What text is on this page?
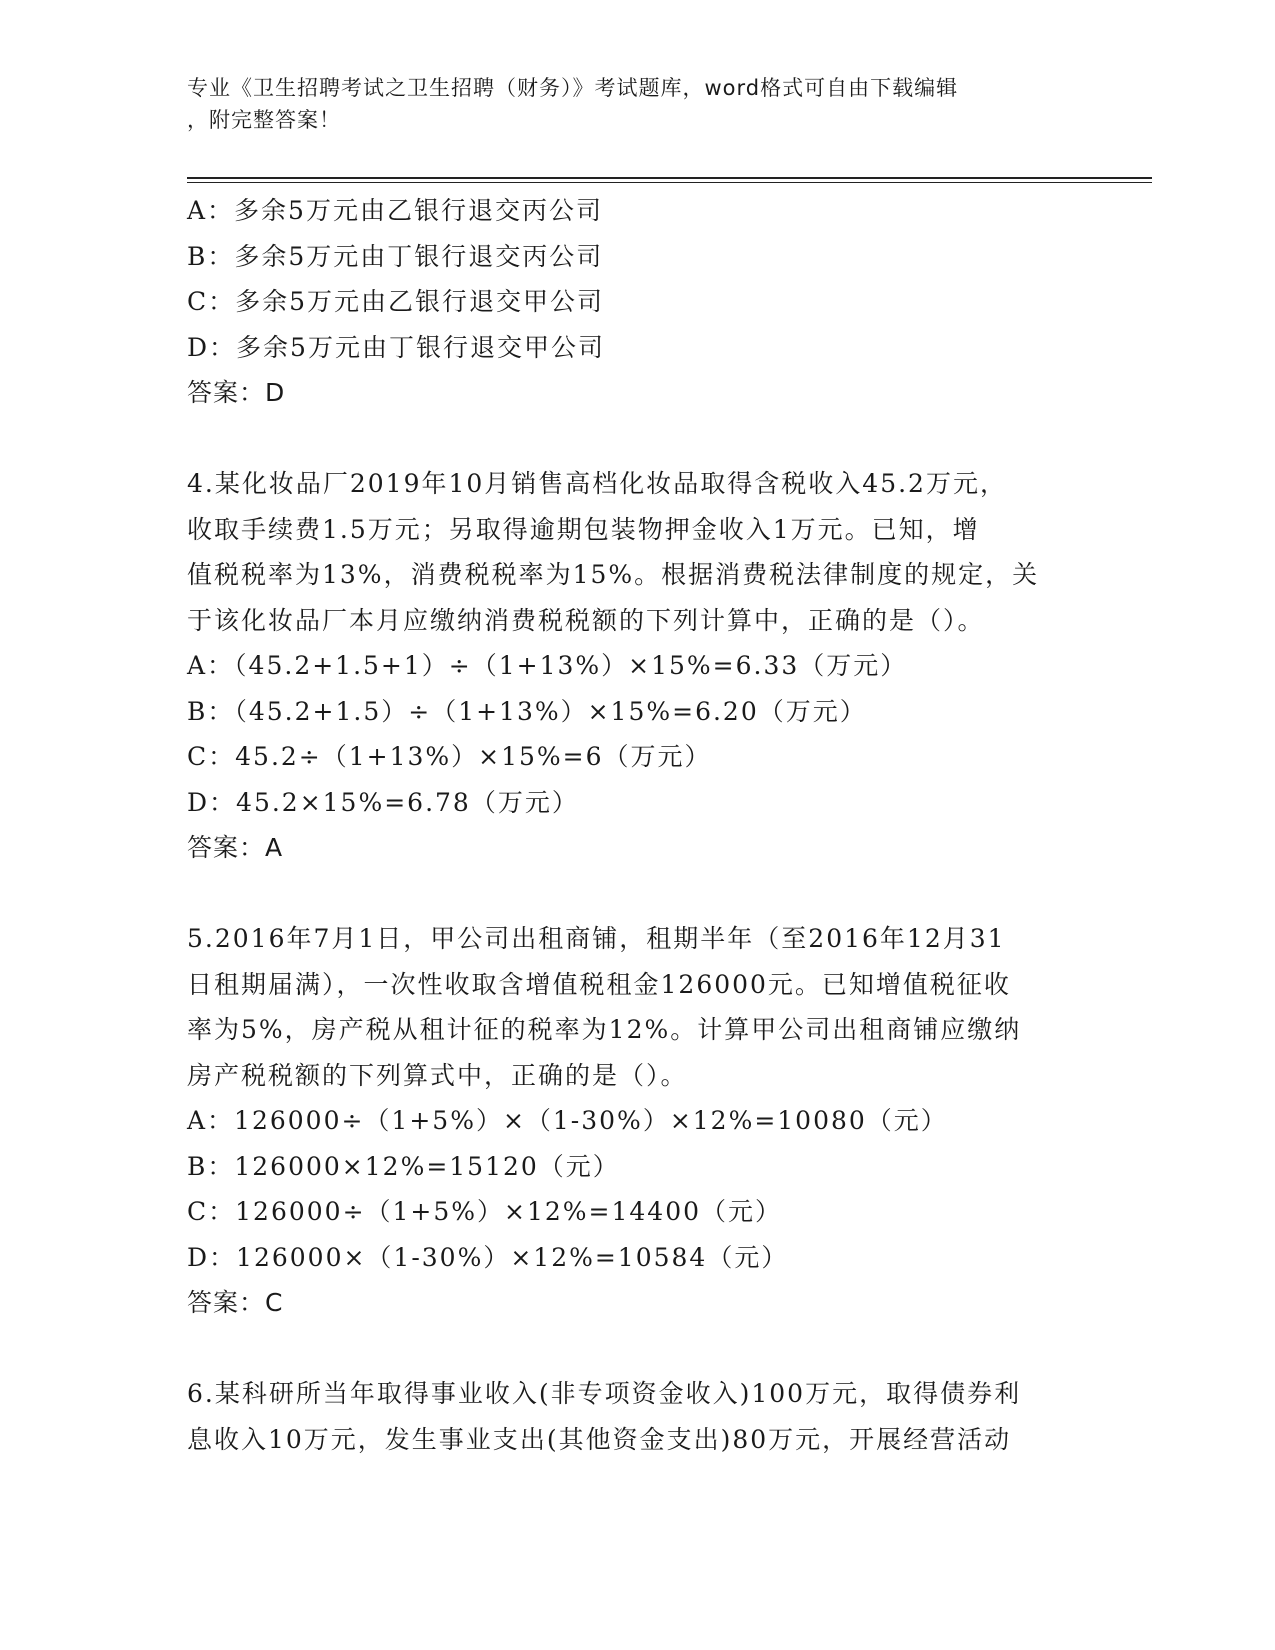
专业《卫生招聘考试之卫生招聘（财务）》考试题库，word格式可自由下载编辑
，附完整答案！
A：多余5万元由乙银行退交丙公司
B：多余5万元由丁银行退交丙公司
C：多余5万元由乙银行退交甲公司
D：多余5万元由丁银行退交甲公司
答案：D
4.某化妆品厂2019年10月销售高档化妆品取得含税收入45.2万元，
收取手续费1.5万元；另取得逾期包装物押金收入1万元。已知，增
值税税率为13%，消费税税率为15%。根据消费税法律制度的规定，关
于该化妆品厂本月应缴纳消费税税额的下列计算中，正确的是（）。
A：（45.2+1.5+1）÷（1+13%）×15%=6.33（万元）
B：（45.2+1.5）÷（1+13%）×15%=6.20（万元）
C：45.2÷（1+13%）×15%=6（万元）
D：45.2×15%=6.78（万元）
答案：A
5.2016年7月1日，甲公司出租商铺，租期半年（至2016年12月31
日租期届满），一次性收取含增值税租金126000元。已知增值税征收
率为5%，房产税从租计征的税率为12%。计算甲公司出租商铺应缴纳
房产税税额的下列算式中，正确的是（）。
A：126000÷（1+5%）×（1-30%）×12%=10080（元）
B：126000×12%=15120（元）
C：126000÷（1+5%）×12%=14400（元）
D：126000×（1-30%）×12%=10584（元）
答案：C
6.某科研所当年取得事业收入(非专项资金收入)100万元，取得债券利
息收入10万元，发生事业支出(其他资金支出)80万元，开展经营活动
